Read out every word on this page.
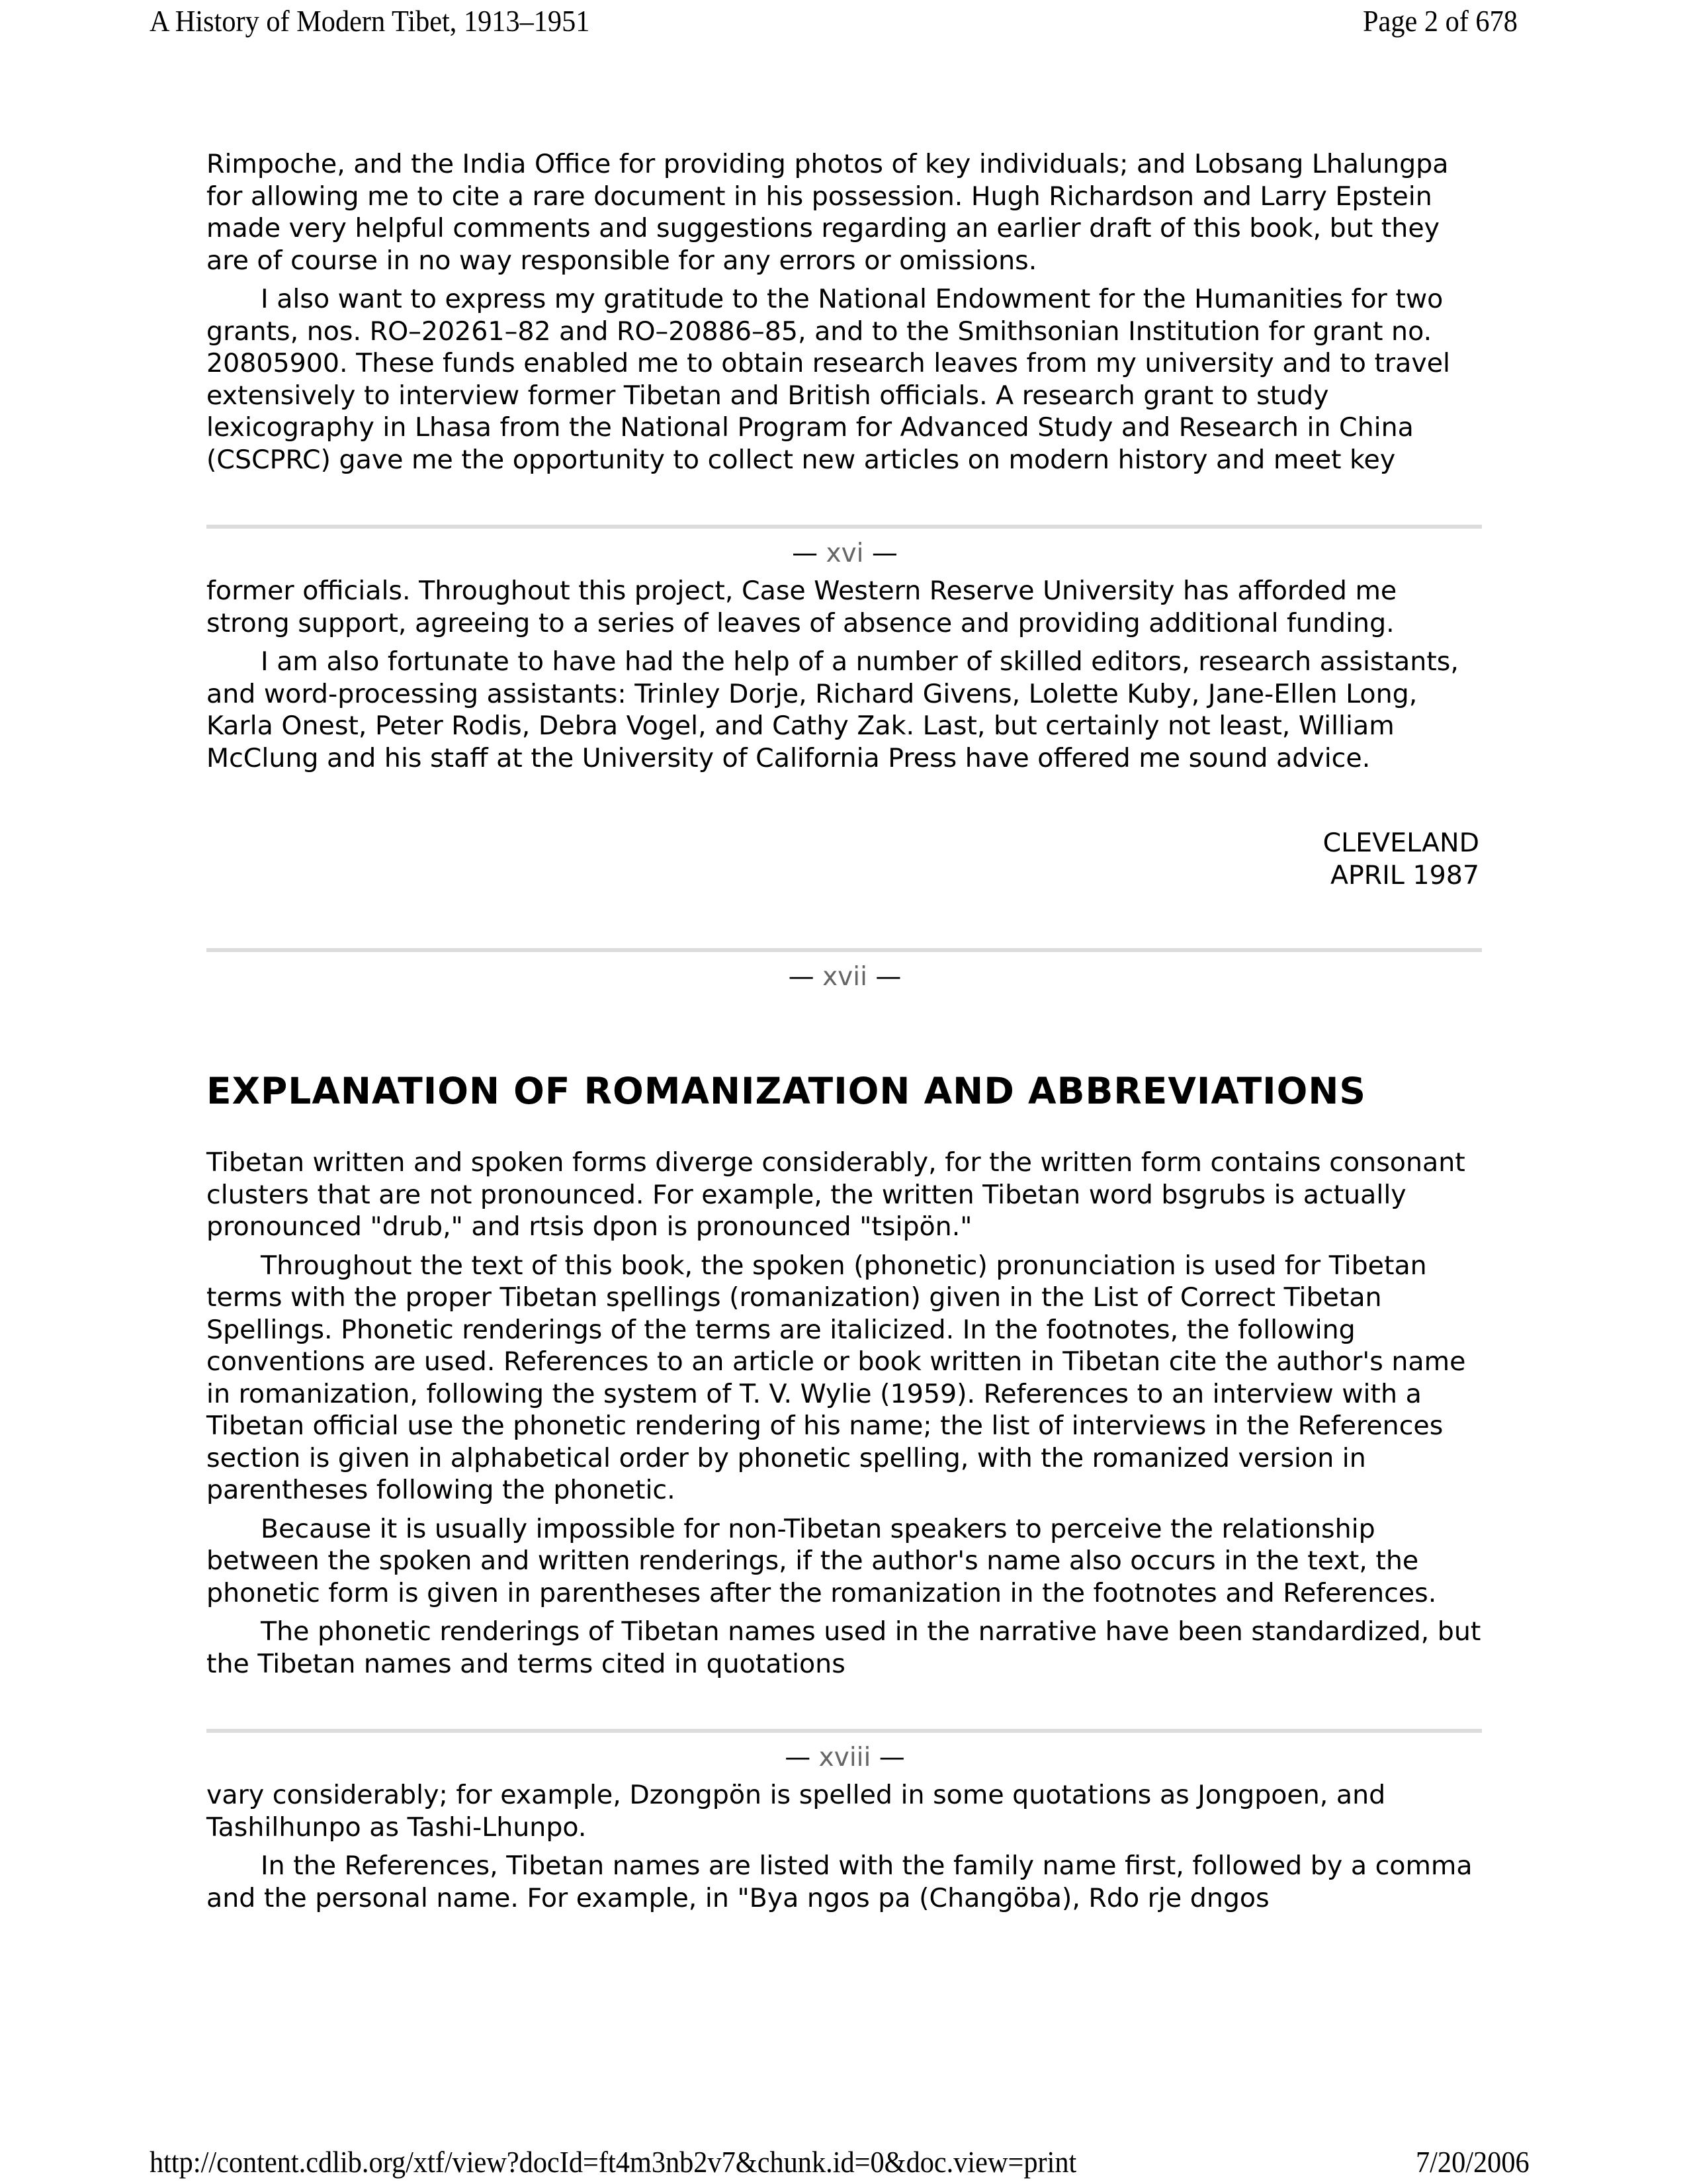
A History of Modern Tibet, 1913–1951	Page 2 of 678

Rimpoche, and the India Office for providing photos of key individuals; and Lobsang Lhalungpa for allowing me to cite a rare document in his possession. Hugh Richardson and Larry Epstein made very helpful comments and suggestions regarding an earlier draft of this book, but they are of course in no way responsible for any errors or omissions.

I also want to express my gratitude to the National Endowment for the Humanities for two grants, nos. RO–20261–82 and RO–20886–85, and to the Smithsonian Institution for grant no. 20805900. These funds enabled me to obtain research leaves from my university and to travel extensively to interview former Tibetan and British officials. A research grant to study lexicography in Lhasa from the National Program for Advanced Study and Research in China (CSCPRC) gave me the opportunity to collect new articles on modern history and meet key

— xvi —

former officials. Throughout this project, Case Western Reserve University has afforded me strong support, agreeing to a series of leaves of absence and providing additional funding.

I am also fortunate to have had the help of a number of skilled editors, research assistants, and word-processing assistants: Trinley Dorje, Richard Givens, Lolette Kuby, Jane-Ellen Long, Karla Onest, Peter Rodis, Debra Vogel, and Cathy Zak. Last, but certainly not least, William McClung and his staff at the University of California Press have offered me sound advice.

CLEVELAND
APRIL 1987
— xvii —
EXPLANATION OF ROMANIZATION AND ABBREVIATIONS

Tibetan written and spoken forms diverge considerably, for the written form contains consonant clusters that are not pronounced. For example, the written Tibetan word bsgrubs is actually pronounced "drub," and rtsis dpon is pronounced "tsipön."

Throughout the text of this book, the spoken (phonetic) pronunciation is used for Tibetan terms with the proper Tibetan spellings (romanization) given in the List of Correct Tibetan Spellings. Phonetic renderings of the terms are italicized. In the footnotes, the following conventions are used. References to an article or book written in Tibetan cite the author's name in romanization, following the system of T. V. Wylie (1959). References to an interview with a Tibetan official use the phonetic rendering of his name; the list of interviews in the References section is given in alphabetical order by phonetic spelling, with the romanized version in parentheses following the phonetic.

Because it is usually impossible for non-Tibetan speakers to perceive the relationship between the spoken and written renderings, if the author's name also occurs in the text, the phonetic form is given in parentheses after the romanization in the footnotes and References.

The phonetic renderings of Tibetan names used in the narrative have been standardized, but the Tibetan names and terms cited in quotations

— xviii —

vary considerably; for example, Dzongpön is spelled in some quotations as Jongpoen, and Tashilhunpo as Tashi-Lhunpo.

In the References, Tibetan names are listed with the family name first, followed by a comma and the personal name. For example, in "Bya ngos pa (Changöba), Rdo rje dngos

http://content.cdlib.org/xtf/view?docId=ft4m3nb2v7&chunk.id=0&doc.view=print	7/20/2006
